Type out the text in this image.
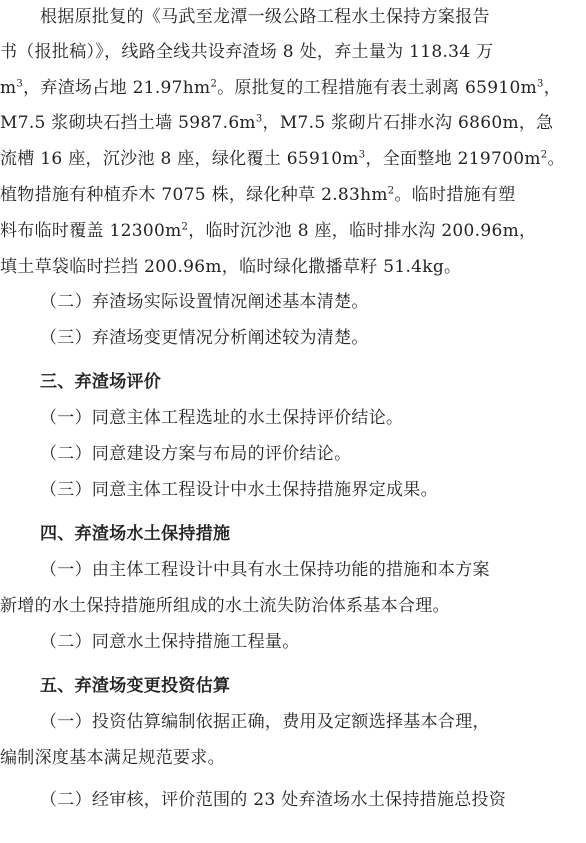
根据原批复的《马武至龙潭一级公路工程水土保持方案报告
书（报批稿）》，线路全线共设弃渣场 8 处，弃土量为 118.34 万
$m^3$，弃渣场占地 $21.97hm^2$。原批复的工程措施有表土剥离 $65910m^3$，
M7.5 浆砌块石挡土墙 $5987.6m^3$，M7.5 浆砌片石排水沟 6860m，急
流槽 16 座，沉沙池 8 座，绿化覆土 $65910m^3$，全面整地 $219700m^2$。
植物措施有种植乔木 7075 株，绿化种草 $2.83hm^2$。临时措施有塑
料布临时覆盖 $12300m^2$，临时沉沙池 8 座，临时排水沟 200.96m，
填土草袋临时拦挡 200.96m，临时绿化撒播草籽 51.4kg。
（二）弃渣场实际设置情况阐述基本清楚。
（三）弃渣场变更情况分析阐述较为清楚。
三、弃渣场评价
（一）同意主体工程选址的水土保持评价结论。
（二）同意建设方案与布局的评价结论。
（三）同意主体工程设计中水土保持措施界定成果。
四、弃渣场水土保持措施
（一）由主体工程设计中具有水土保持功能的措施和本方案
新增的水土保持措施所组成的水土流失防治体系基本合理。
（二）同意水土保持措施工程量。
五、弃渣场变更投资估算
（一）投资估算编制依据正确，费用及定额选择基本合理，
编制深度基本满足规范要求。
（二）经审核，评价范围的 23 处弃渣场水土保持措施总投资
